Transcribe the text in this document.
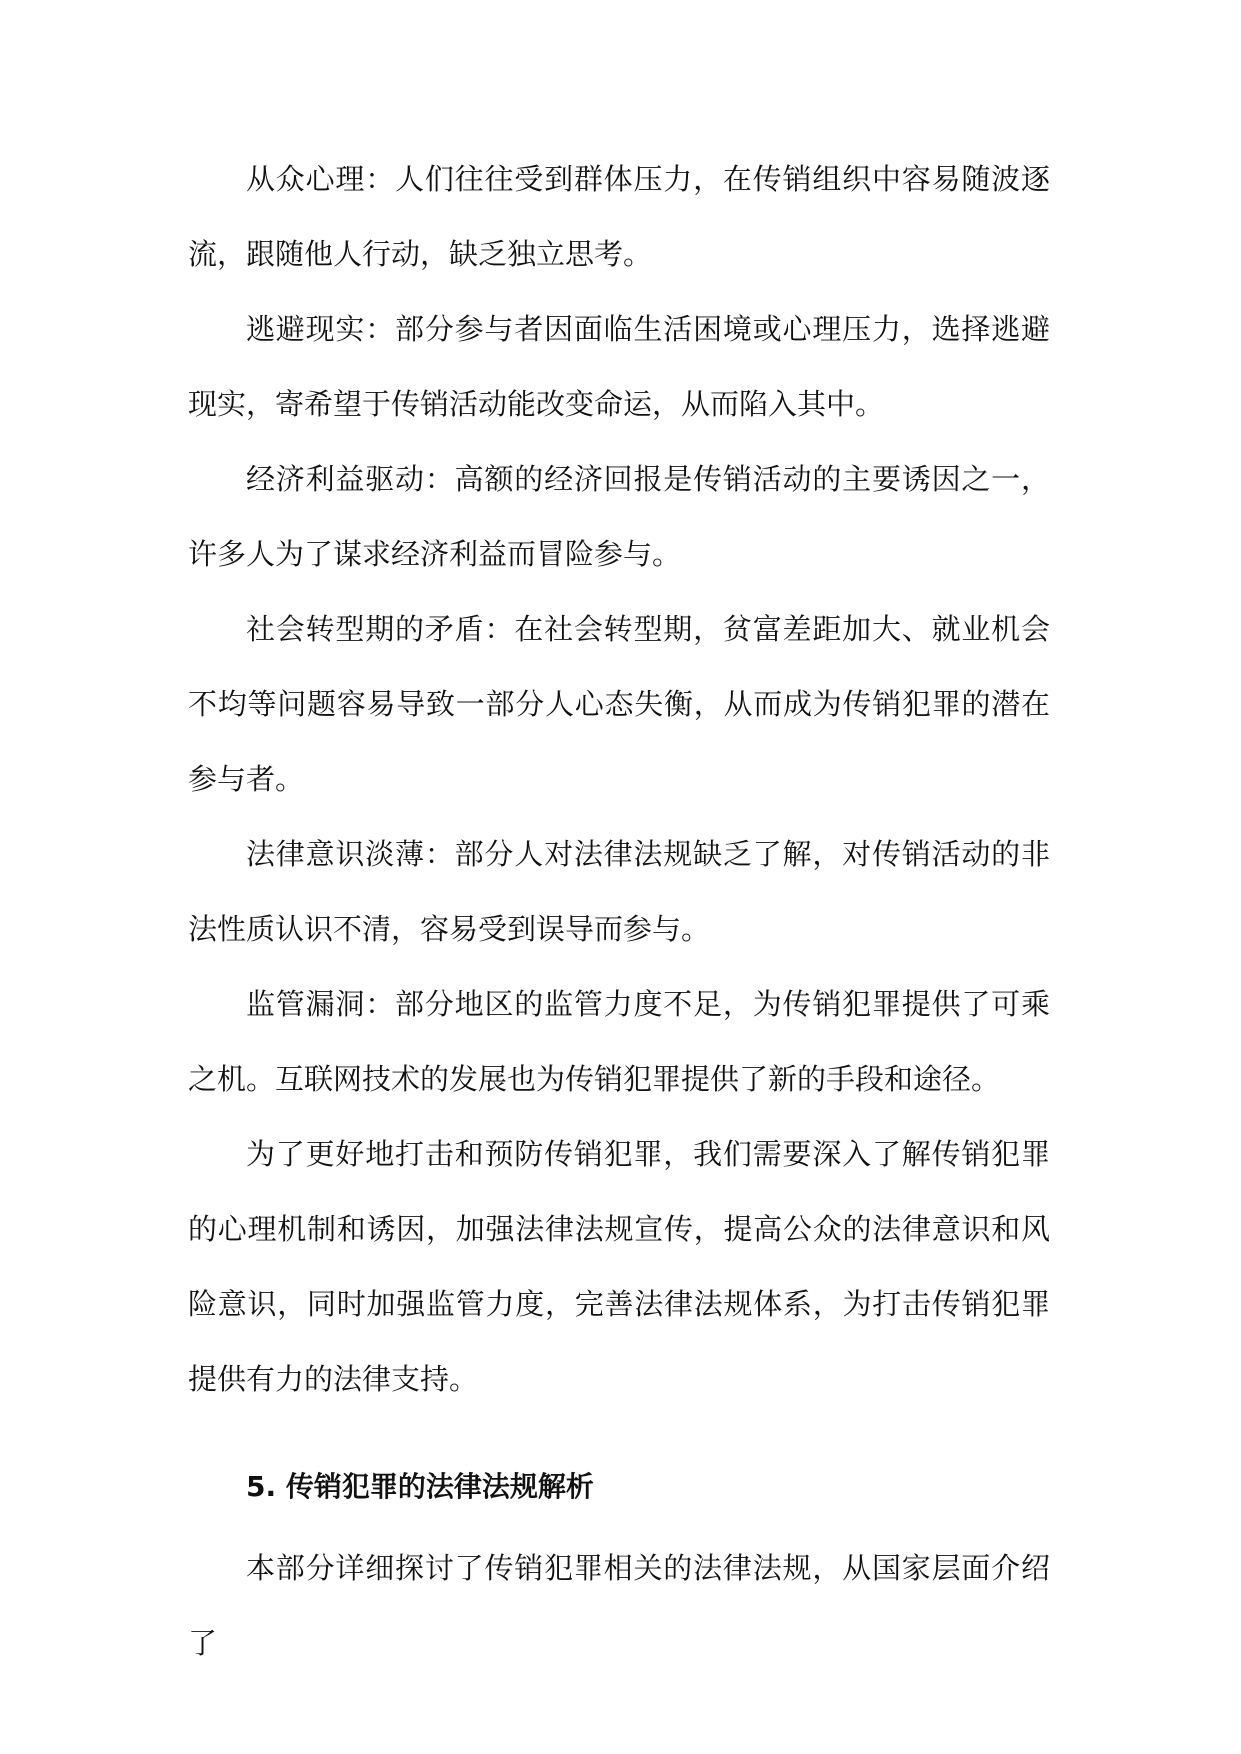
从众心理：人们往往受到群体压力，在传销组织中容易随波逐流，跟随他人行动，缺乏独立思考。

逃避现实：部分参与者因面临生活困境或心理压力，选择逃避现实，寄希望于传销活动能改变命运，从而陷入其中。

经济利益驱动：高额的经济回报是传销活动的主要诱因之一，许多人为了谋求经济利益而冒险参与。

社会转型期的矛盾：在社会转型期，贫富差距加大、就业机会不均等问题容易导致一部分人心态失衡，从而成为传销犯罪的潜在参与者。

法律意识淡薄：部分人对法律法规缺乏了解，对传销活动的非法性质认识不清，容易受到误导而参与。

监管漏洞：部分地区的监管力度不足，为传销犯罪提供了可乘之机。互联网技术的发展也为传销犯罪提供了新的手段和途径。

为了更好地打击和预防传销犯罪，我们需要深入了解传销犯罪的心理机制和诱因，加强法律法规宣传，提高公众的法律意识和风险意识，同时加强监管力度，完善法律法规体系，为打击传销犯罪提供有力的法律支持。

5. 传销犯罪的法律法规解析

本部分详细探讨了传销犯罪相关的法律法规，从国家层面介绍了
